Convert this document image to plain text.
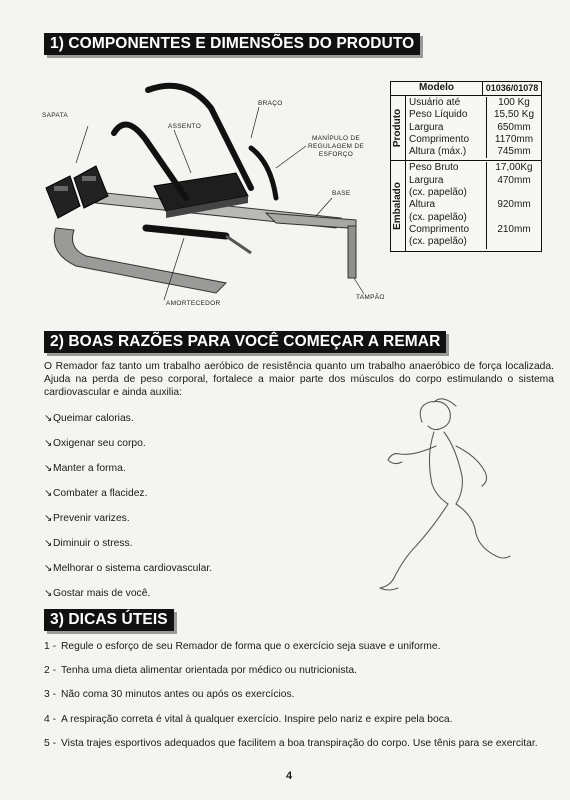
1) COMPONENTES E DIMENSÕES DO PRODUTO
SAPATA
BRAÇO
ASSENTO
MANÍPULO DE REGULAGEM DE ESFORÇO
BASE
AMORTECEDOR
TAMPÃO
Modelo	01036/01078
Produto
Usuário até	100 Kg
Peso Líquido	15,50 Kg
Largura	650mm
Comprimento	1170mm
Altura (máx.)	745mm
Embalado
Peso Bruto	17,00Kg
Largura	470mm
(cx. papelão)
Altura	920mm
(cx. papelão)
Comprimento	210mm
(cx. papelão)
2) BOAS RAZÕES PARA VOCÊ COMEÇAR A REMAR
O Remador faz tanto um trabalho aeróbico de resistência quanto um trabalho anaeróbico de força localizada. Ajuda na perda de peso corporal, fortalece a maior parte dos músculos do corpo estimulando o sistema cardiovascular e ainda auxilia:
↘Queimar calorias.
↘Oxigenar seu corpo.
↘Manter a forma.
↘Combater a flacidez.
↘Prevenir varizes.
↘Diminuir o stress.
↘Melhorar o sistema cardiovascular.
↘Gostar mais de você.
3) DICAS ÚTEIS
1 - Regule o esforço de seu Remador de forma que o exercício seja suave e uniforme.
2 - Tenha uma dieta alimentar orientada por médico ou nutricionista.
3 - Não coma 30 minutos antes ou após os exercícios.
4 - A respiração correta é vital à qualquer exercício. Inspire pelo nariz e expire pela boca.
5 - Vista trajes esportivos adequados que facilitem a boa transpiração do corpo. Use tênis para se exercitar.
4
